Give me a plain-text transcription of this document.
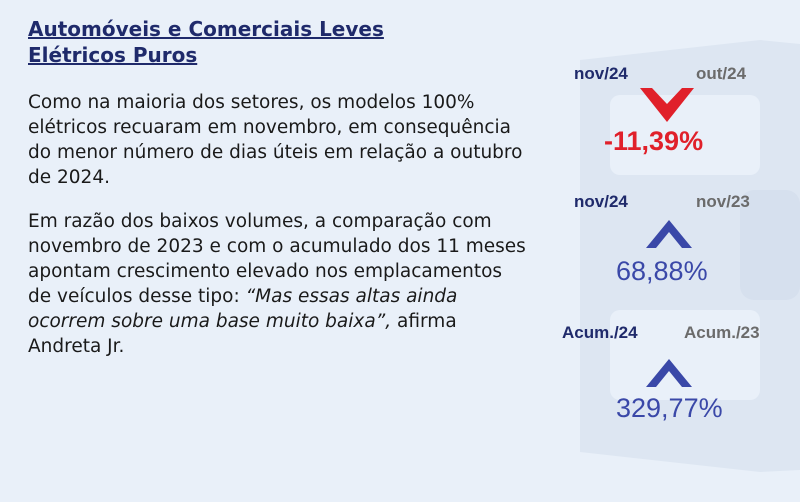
Automóveis e Comerciais Leves
Elétricos Puros

Como na maioria dos setores, os modelos 100% elétricos recuaram em novembro, em consequência do menor número de dias úteis em relação a outubro de 2024.

Em razão dos baixos volumes, a comparação com novembro de 2023 e com o acumulado dos 11 meses apontam crescimento elevado nos emplacamentos de veículos desse tipo: “Mas essas altas ainda ocorrem sobre uma base muito baixa”, afirma Andreta Jr.

nov/24	out/24
-11,39%
nov/24	nov/23
68,88%
Acum./24	Acum./23
329,77%
